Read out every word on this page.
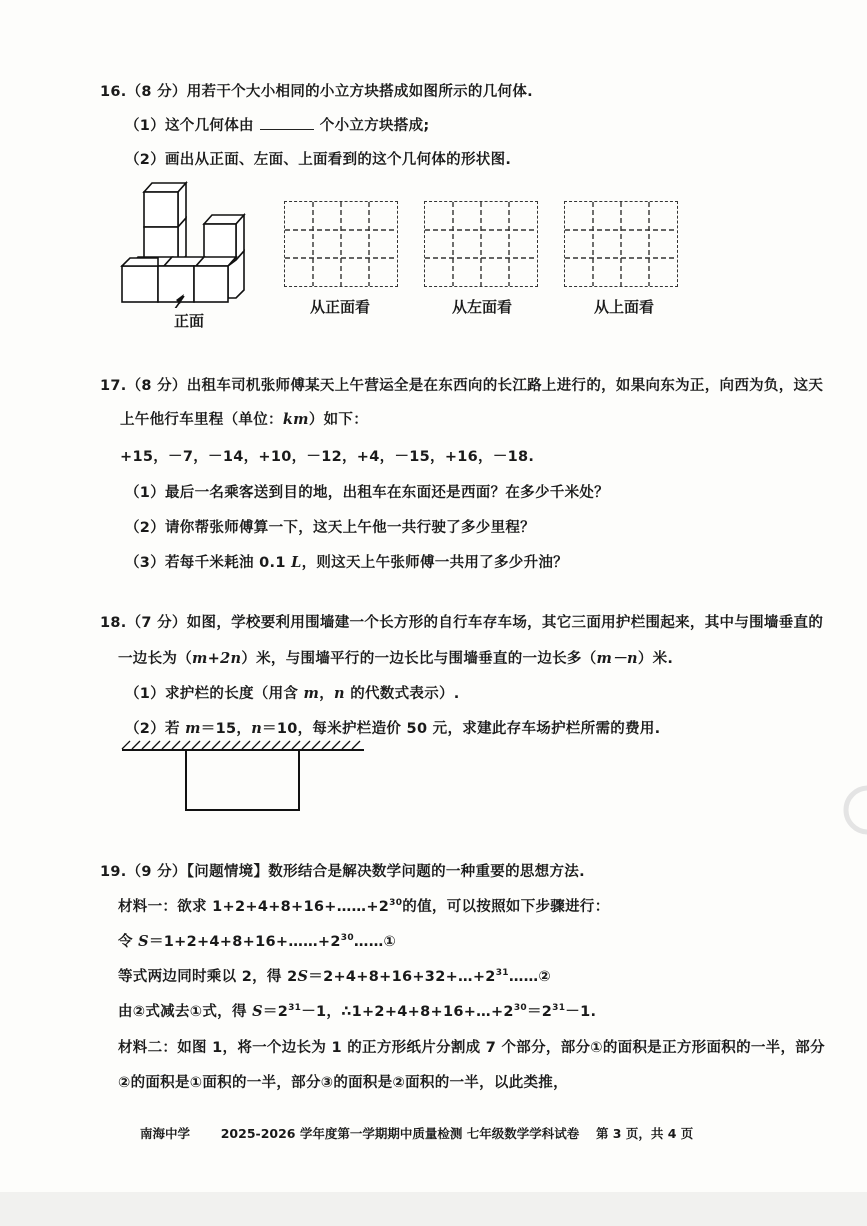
16.（8 分）用若干个大小相同的小立方块搭成如图所示的几何体.
（1）这个几何体由	个小立方块搭成;
（2）画出从正面、左面、上面看到的这个几何体的形状图.
正面
从正面看	从左面看	从上面看
17.（8 分）出租车司机张师傅某天上午营运全是在东西向的长江路上进行的，如果向东为正，向西为负，这天
上午他行车里程（单位：km）如下：
+15，－7，－14，+10，－12，+4，－15，+16，－18.
（1）最后一名乘客送到目的地，出租车在东面还是西面？在多少千米处？
（2）请你帮张师傅算一下，这天上午他一共行驶了多少里程？
（3）若每千米耗油 0.1 L，则这天上午张师傅一共用了多少升油？
18.（7 分）如图，学校要利用围墙建一个长方形的自行车存车场，其它三面用护栏围起来，其中与围墙垂直的
一边长为（m+2n）米，与围墙平行的一边长比与围墙垂直的一边长多（m－n）米.
（1）求护栏的长度（用含 m，n 的代数式表示）.
（2）若 m＝15，n＝10，每米护栏造价 50 元，求建此存车场护栏所需的费用.
19.（9 分）【问题情境】数形结合是解决数学问题的一种重要的思想方法.
材料一：欲求 $1+2+4+8+16+\dots\dots+2^{30}$的值，可以按照如下步骤进行：
令 $S=1+2+4+8+16+\dots\dots+2^{30}\dots\dots ①$
等式两边同时乘以 2，得 $2S=2+4+8+16+32+\dots+2^{31}\dots\dots ②$
由②式减去①式，得 $S=2^{31}-1$，$\therefore 1+2+4+8+16+\dots+2^{30}=2^{31}-1$.
材料二：如图 1，将一个边长为 1 的正方形纸片分割成 7 个部分，部分①的面积是正方形面积的一半，部分
②的面积是①面积的一半，部分③的面积是②面积的一半，以此类推，
南海中学 2025-2026 学年度第一学期期中质量检测 七年级数学学科试卷 第 3 页，共 4 页
